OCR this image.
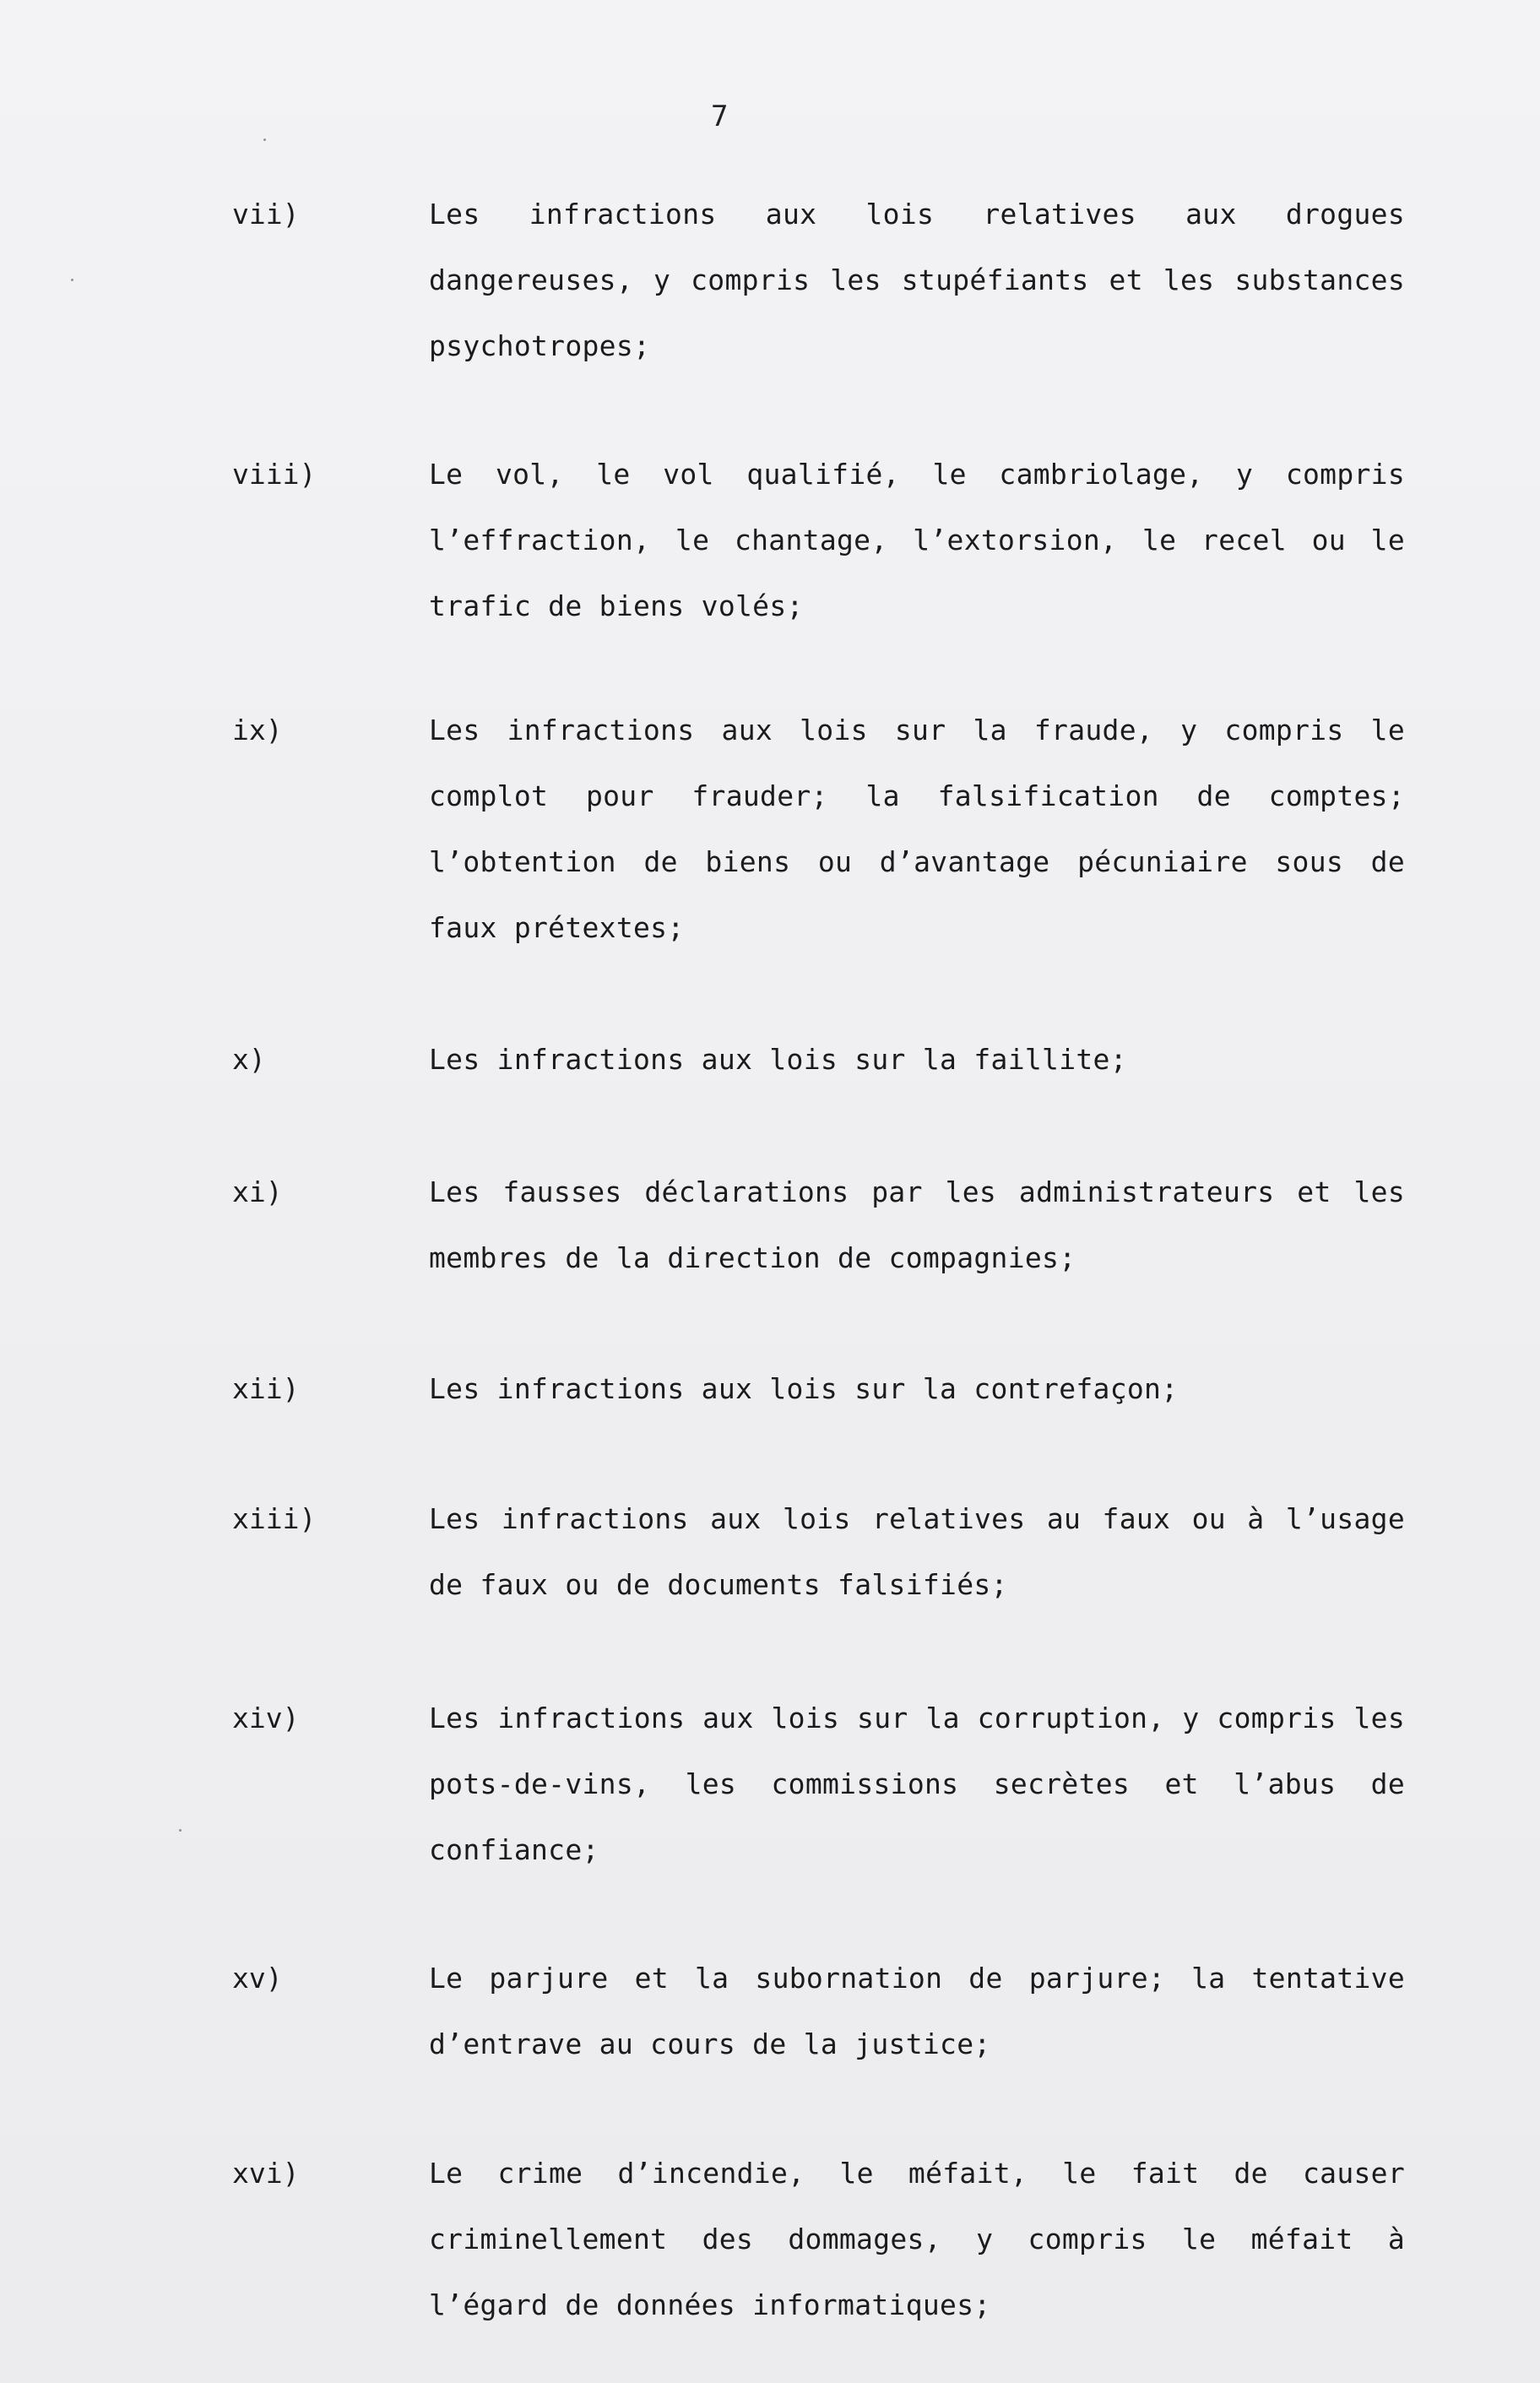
7
vii)	Les infractions aux lois relatives aux drogues dangereuses, y compris les stupéfiants et les substances psychotropes;
viii)	Le vol, le vol qualifié, le cambriolage, y compris l’effraction, le chantage, l’extorsion, le recel ou le trafic de biens volés;
ix)	Les infractions aux lois sur la fraude, y compris le complot pour frauder; la falsification de comptes; l’obtention de biens ou d’avantage pécuniaire sous de faux prétextes;
x)	Les infractions aux lois sur la faillite;
xi)	Les fausses déclarations par les administrateurs et les membres de la direction de compagnies;
xii)	Les infractions aux lois sur la contrefaçon;
xiii)	Les infractions aux lois relatives au faux ou à l’usage de faux ou de documents falsifiés;
xiv)	Les infractions aux lois sur la corruption, y compris les pots-de-vins, les commissions secrètes et l’abus de confiance;
xv)	Le parjure et la subornation de parjure; la tentative d’entrave au cours de la justice;
xvi)	Le crime d’incendie, le méfait, le fait de causer criminellement des dommages, y compris le méfait à l’égard de données informatiques;
